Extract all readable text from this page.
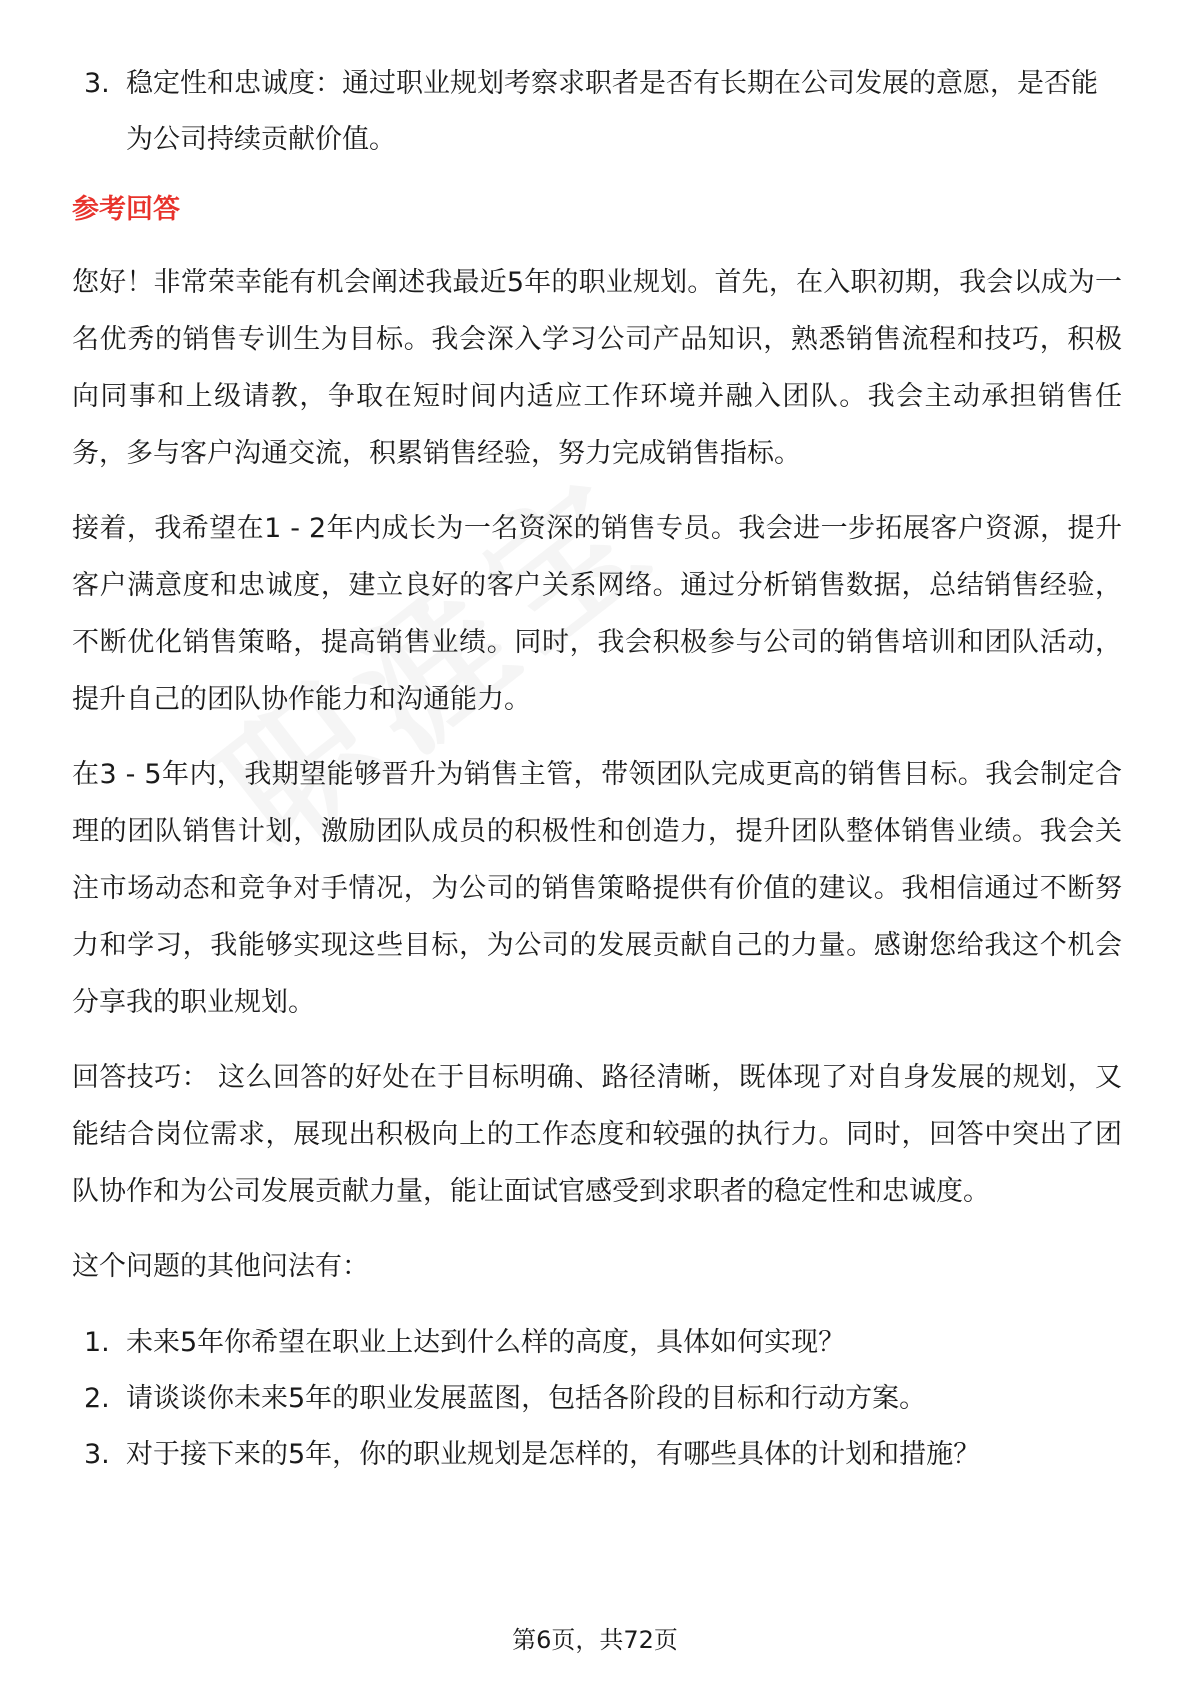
3. 稳定性和忠诚度：通过职业规划考察求职者是否有长期在公司发展的意愿，是否能为公司持续贡献价值。
参考回答
您好！非常荣幸能有机会阐述我最近5年的职业规划。首先，在入职初期，我会以成为一名优秀的销售专训生为目标。我会深入学习公司产品知识，熟悉销售流程和技巧，积极向同事和上级请教，争取在短时间内适应工作环境并融入团队。我会主动承担销售任务，多与客户沟通交流，积累销售经验，努力完成销售指标。
接着，我希望在1 - 2年内成长为一名资深的销售专员。我会进一步拓展客户资源，提升客户满意度和忠诚度，建立良好的客户关系网络。通过分析销售数据，总结销售经验，不断优化销售策略，提高销售业绩。同时，我会积极参与公司的销售培训和团队活动，提升自己的团队协作能力和沟通能力。
在3 - 5年内，我期望能够晋升为销售主管，带领团队完成更高的销售目标。我会制定合理的团队销售计划，激励团队成员的积极性和创造力，提升团队整体销售业绩。我会关注市场动态和竞争对手情况，为公司的销售策略提供有价值的建议。我相信通过不断努力和学习，我能够实现这些目标，为公司的发展贡献自己的力量。感谢您给我这个机会分享我的职业规划。
回答技巧： 这么回答的好处在于目标明确、路径清晰，既体现了对自身发展的规划，又能结合岗位需求，展现出积极向上的工作态度和较强的执行力。同时，回答中突出了团队协作和为公司发展贡献力量，能让面试官感受到求职者的稳定性和忠诚度。
这个问题的其他问法有：
1. 未来5年你希望在职业上达到什么样的高度，具体如何实现？
2. 请谈谈你未来5年的职业发展蓝图，包括各阶段的目标和行动方案。
3. 对于接下来的5年，你的职业规划是怎样的，有哪些具体的计划和措施？
第6页，共72页
